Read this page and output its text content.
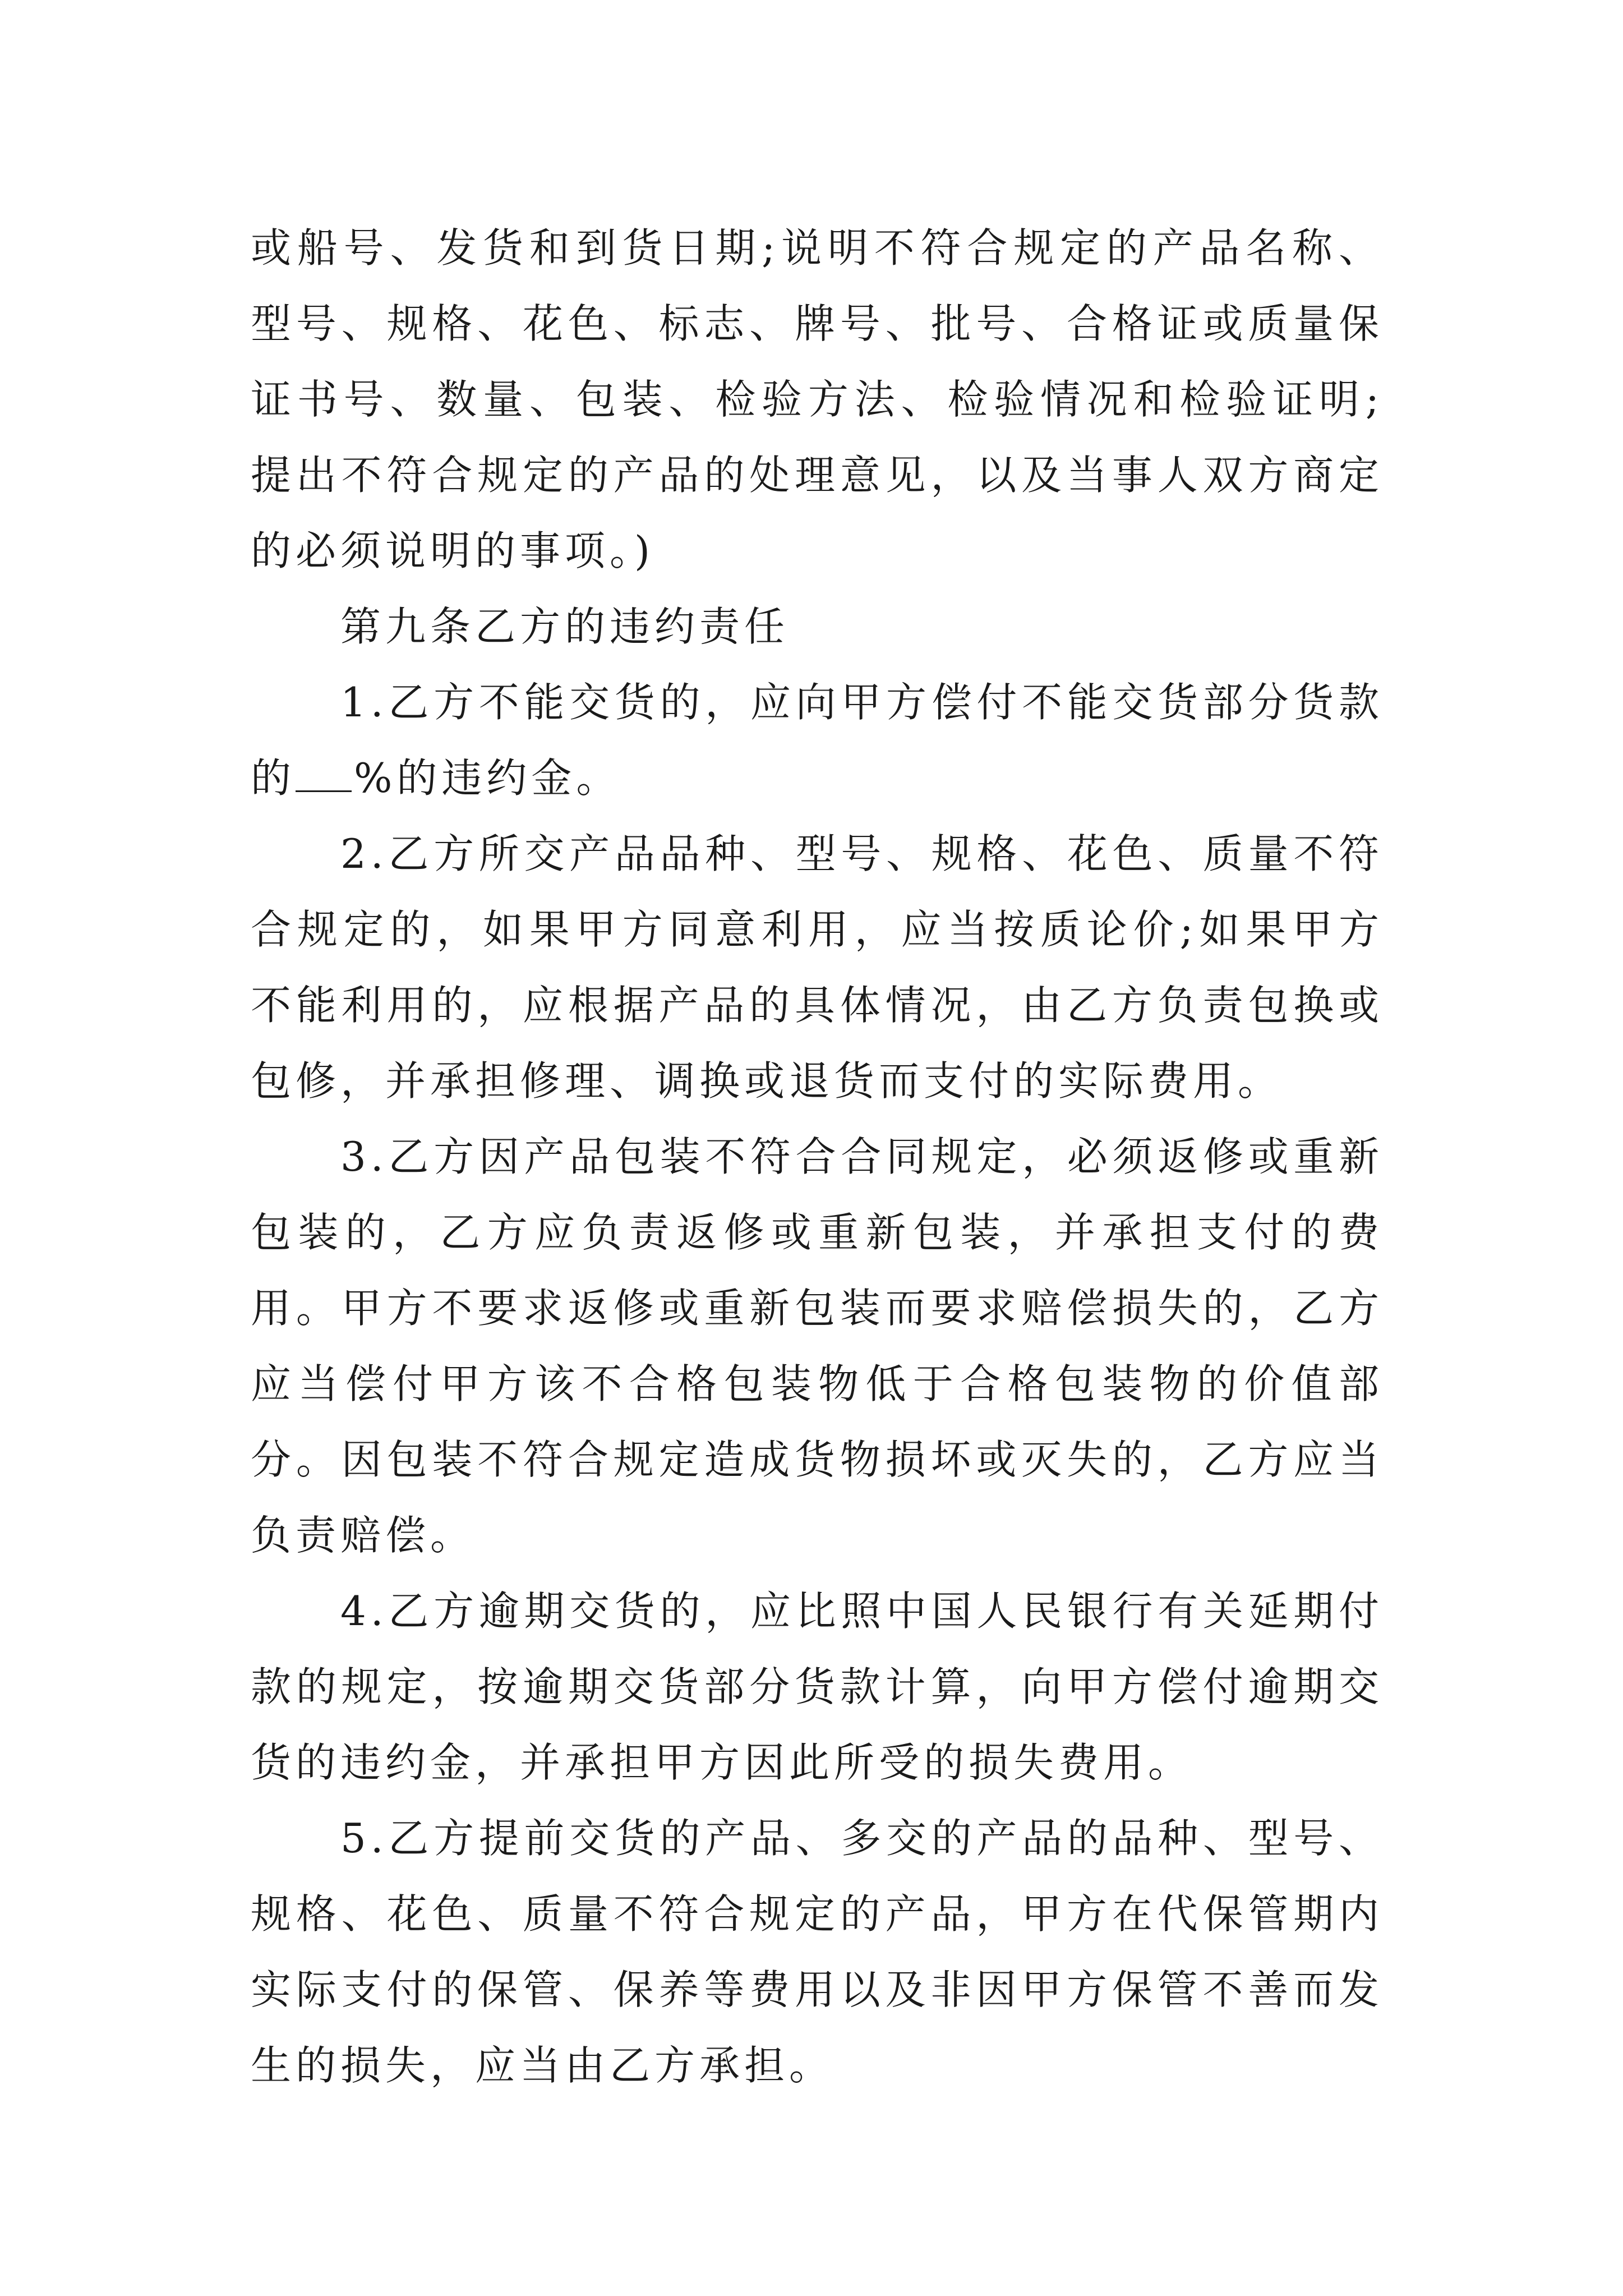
或船号、发货和到货日期;说明不符合规定的产品名称、型号、规格、花色、标志、牌号、批号、合格证或质量保证书号、数量、包装、检验方法、检验情况和检验证明;提出不符合规定的产品的处理意见，以及当事人双方商定的必须说明的事项。)

第九条乙方的违约责任

1.乙方不能交货的，应向甲方偿付不能交货部分货款的 %的违约金。

2.乙方所交产品品种、型号、规格、花色、质量不符合规定的，如果甲方同意利用，应当按质论价;如果甲方不能利用的，应根据产品的具体情况，由乙方负责包换或包修，并承担修理、调换或退货而支付的实际费用。

3.乙方因产品包装不符合合同规定，必须返修或重新包装的，乙方应负责返修或重新包装，并承担支付的费用。甲方不要求返修或重新包装而要求赔偿损失的，乙方应当偿付甲方该不合格包装物低于合格包装物的价值部分。因包装不符合规定造成货物损坏或灭失的，乙方应当负责赔偿。

4.乙方逾期交货的，应比照中国人民银行有关延期付款的规定，按逾期交货部分货款计算，向甲方偿付逾期交货的违约金，并承担甲方因此所受的损失费用。

5.乙方提前交货的产品、多交的产品的品种、型号、规格、花色、质量不符合规定的产品，甲方在代保管期内实际支付的保管、保养等费用以及非因甲方保管不善而发生的损失，应当由乙方承担。
